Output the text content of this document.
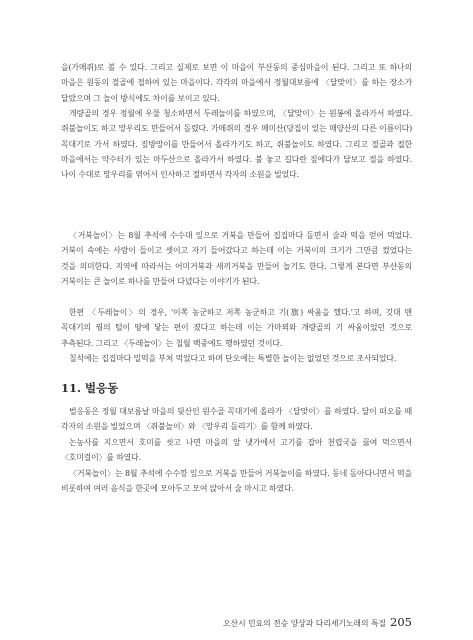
을(가메쥐)로 볼 수 있다. 그리고 실제로 보면 이 마을이 부산동의 중심마을이 된다. 그리고 또 하나의 마을은 원동의 절골에 접하여 있는 마을이다. 각각의 마을에서 정월대보름에 〈달맞이〉를 하는 장소가 달랐으며 그 놀이 방식에도 차이를 보이고 있다.

개량골의 경우 정월에 우물 청소하면서 두레놀이를 하였으며, 〈달맞이〉는 원봉에 올라가서 하였다. 쥐불놀이도 하고 망우리도 만들어서 돌렸다. 가메쥐의 경우 매미산(당집이 있는 매양산의 다른 이름이다) 꼭대기로 가서 하였다. 짚방망이를 만들어서 올라가기도 하고, 쥐불놀이도 하였다. 그리고 절골과 접한 마을에서는 약수터가 있는 마두산으로 올라가서 하였다. 불 놓고 길다란 짚에다가 달보고 절을 하였다. 나이 수대로 망우리를 엮어서 인사하고 절하면서 각자의 소원을 빌었다.

〈거북놀이〉는 8월 추석에 수수대 잎으로 거북을 만들어 집집마다 돌면서 술과 떡을 얻어 먹었다. 거북이 속에는 사람이 들이고 셋이고 자기 들어갔다고 하는데 이는 거북이의 크기가 그만큼 컸었다는 것을 의미한다. 지역에 따라서는 어미거북과 새끼거북을 만들어 놀기도 한다. 그렇게 본다면 부산동의 거북이는 큰 놀이로 하나를 만들어 다녔다는 이야기가 된다.

한편 〈두레놀이〉의 경우, '이쪽 농군하고 저쪽 농군하고 기(旗) 싸움을 했다.'고 하며, 깃대 맨 꼭대기의 꿩의 털이 땅에 닿는 편이 졌다고 하는데 이는 가마뫼와 개량골의 기 싸움이었던 것으로 추측된다. 그리고 〈두레놀이〉는 칠월 백중에도 행하였던 것이다.

칠석에는 집집마다 밀떡을 부쳐 먹었다고 하며 단오에는 특별한 놀이는 없었던 것으로 조사되었다.

11. 벌응동

벌응동은 정월 대보름날 마을의 뒷산인 원수골 꼭대기에 올라가 〈달맞이〉를 하였다. 달이 떠오를 때 각자의 소원을 빌었으며 〈쥐불놀이〉와 〈망우리 돌리기〉를 함께 하였다.

논농사를 지으면서 호미를 씻고 나면 마을의 앞 냇가에서 고기를 잡아 천렵국을 끓여 먹으면서 〈호미걸이〉를 하였다.

〈거북놀이〉는 8월 추석에 수수깡 잎으로 거북을 만들어 거북놀이를 하였다. 동네 돌아다니면서 떡을 비롯하여 여러 음식을 한곳에 모아두고 모여 앉아서 술 마시고 하였다.

오산시 민요의 전승 양상과 다리세기노래의 특질 205
